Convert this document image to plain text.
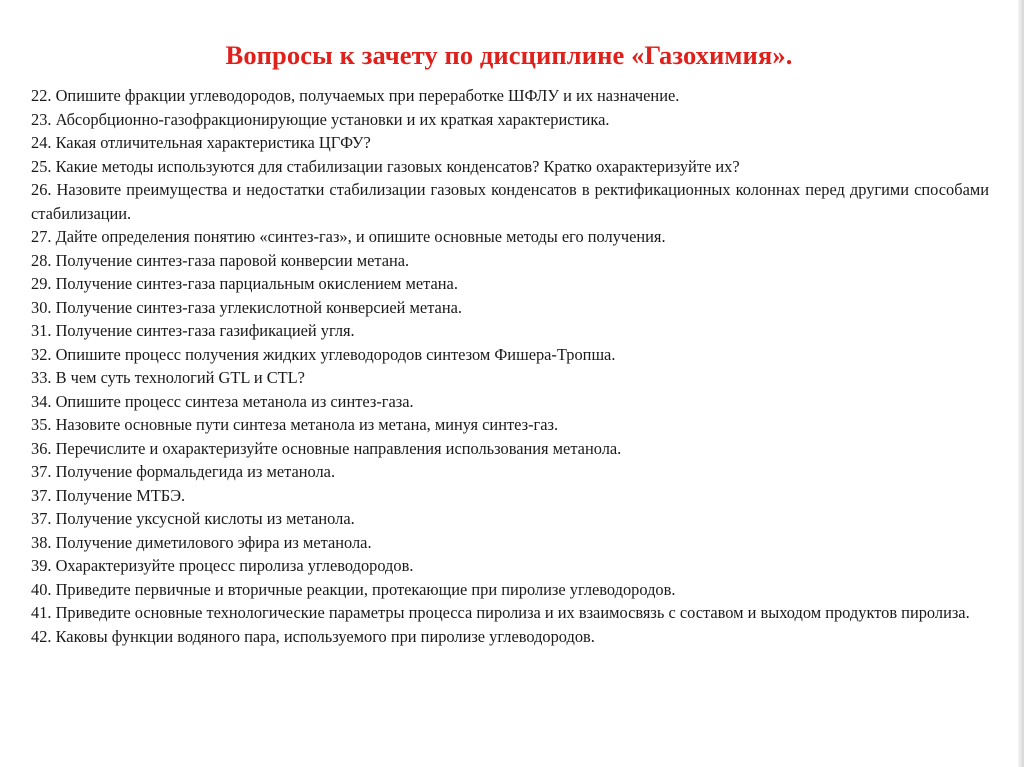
Вопросы к зачету по дисциплине «Газохимия».
22. Опишите фракции углеводородов, получаемых при переработке ШФЛУ и их назначение.
23. Абсорбционно-газофракционирующие установки и их краткая характеристика.
24. Какая отличительная характеристика ЦГФУ?
25. Какие методы используются для стабилизации газовых конденсатов? Кратко охарактеризуйте их?
26. Назовите преимущества и недостатки стабилизации газовых конденсатов в ректификационных колоннах перед другими способами стабилизации.
27. Дайте определения понятию «синтез-газ», и опишите основные методы его получения.
28. Получение синтез-газа паровой конверсии метана.
29. Получение синтез-газа парциальным окислением метана.
30. Получение синтез-газа углекислотной конверсией метана.
31. Получение синтез-газа газификацией угля.
32. Опишите процесс получения жидких углеводородов синтезом Фишера-Тропша.
33. В чем суть технологий GTL и CTL?
34. Опишите процесс синтеза метанола из синтез-газа.
35. Назовите основные пути синтеза метанола из метана, минуя синтез-газ.
36. Перечислите и охарактеризуйте основные направления использования метанола.
37. Получение формальдегида из метанола.
37. Получение МТБЭ.
37. Получение уксусной кислоты из метанола.
38. Получение диметилового эфира из метанола.
39. Охарактеризуйте процесс пиролиза углеводородов.
40. Приведите первичные и вторичные реакции, протекающие при пиролизе углеводородов.
41. Приведите основные технологические параметры процесса пиролиза и их взаимосвязь с составом и выходом продуктов пиролиза.
42. Каковы функции водяного пара, используемого при пиролизе углеводородов.
